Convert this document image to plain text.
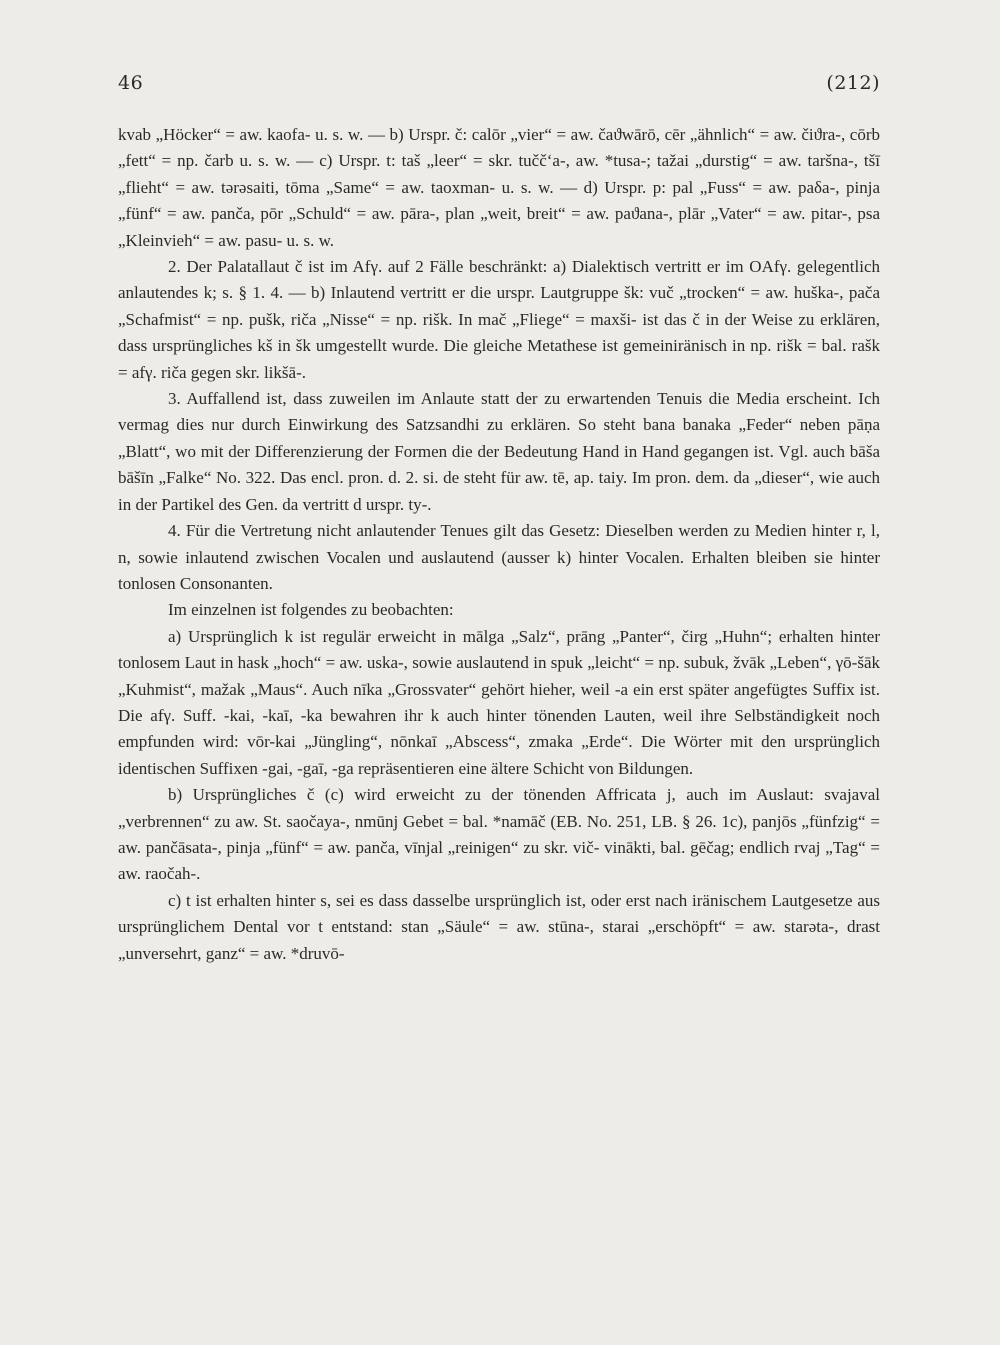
46	(212)

kvab „Höcker“ = aw. kaofa- u. s. w. — b) Urspr. č: calōr „vier“ = aw. čaϑwārō, cēr „ähnlich“ = aw. čiϑra-, cōrb „fett“ = np. čarb u. s. w. — c) Urspr. t: taš „leer“ = skr. tuččʻa-, aw. *tusa-; tažai „durstig“ = aw. taršna-, tšī „flieht“ = aw. tərəsaiti, tōma „Same“ = aw. taoxman- u. s. w. — d) Urspr. p: pal „Fuss“ = aw. paδa-, pinja „fünf“ = aw. panča, pōr „Schuld“ = aw. pāra-, plan „weit, breit“ = aw. paϑana-, plār „Vater“ = aw. pitar-, psa „Kleinvieh“ = aw. pasu- u. s. w.

2. Der Palatallaut č ist im Afγ. auf 2 Fälle beschränkt: a) Dialektisch vertritt er im OAfγ. gelegentlich anlautendes k; s. § 1. 4. — b) Inlautend vertritt er die urspr. Lautgruppe šk: vuč „trocken“ = aw. huška-, pača „Schafmist“ = np. pušk, riča „Nisse“ = np. rišk. In mač „Fliege“ = maxši- ist das č in der Weise zu erklären, dass ursprüngliches kš in šk umgestellt wurde. Die gleiche Metathese ist gemeiniränisch in np. rišk = bal. rašk = afγ. riča gegen skr. likšā-.

3. Auffallend ist, dass zuweilen im Anlaute statt der zu erwartenden Tenuis die Media erscheint. Ich vermag dies nur durch Einwirkung des Satzsandhi zu erklären. So steht bana banaka „Feder“ neben pāṇa „Blatt“, wo mit der Differenzierung der Formen die der Bedeutung Hand in Hand gegangen ist. Vgl. auch bāša bāšīn „Falke“ No. 322. Das encl. pron. d. 2. si. de steht für aw. tē, ap. taiy. Im pron. dem. da „dieser“, wie auch in der Partikel des Gen. da vertritt d urspr. ty-.

4. Für die Vertretung nicht anlautender Tenues gilt das Gesetz: Dieselben werden zu Medien hinter r, l, n, sowie inlautend zwischen Vocalen und auslautend (ausser k) hinter Vocalen. Erhalten bleiben sie hinter tonlosen Consonanten.

Im einzelnen ist folgendes zu beobachten:

a) Ursprünglich k ist regulär erweicht in mālga „Salz“, prāng „Panter“, čirg „Huhn“; erhalten hinter tonlosem Laut in hask „hoch“ = aw. uska-, sowie auslautend in spuk „leicht“ = np. subuk, žvāk „Leben“, γō-šāk „Kuhmist“, mažak „Maus“. Auch nīka „Grossvater“ gehört hieher, weil -a ein erst später angefügtes Suffix ist. Die afγ. Suff. -kai, -kaī, -ka bewahren ihr k auch hinter tönenden Lauten, weil ihre Selbständigkeit noch empfunden wird: vōr-kai „Jüngling“, nōnkaī „Abscess“, zmaka „Erde“. Die Wörter mit den ursprünglich identischen Suffixen -gai, -gaī, -ga repräsentieren eine ältere Schicht von Bildungen.

b) Ursprüngliches č (c) wird erweicht zu der tönenden Affricata j, auch im Auslaut: svajaval „verbrennen“ zu aw. St. saočaya-, nmūnj Gebet = bal. *namāč (EB. No. 251, LB. § 26. 1c), panjōs „fünfzig“ = aw. pančāsata-, pinja „fünf“ = aw. panča, vīnjal „reinigen“ zu skr. vič- vinākti, bal. gēčag; endlich rvaj „Tag“ = aw. raočah-.

c) t ist erhalten hinter s, sei es dass dasselbe ursprünglich ist, oder erst nach iränischem Lautgesetze aus ursprünglichem Dental vor t entstand: stan „Säule“ = aw. stūna-, starai „erschöpft“ = aw. starəta-, drast „unversehrt, ganz“ = aw. *druvō-
